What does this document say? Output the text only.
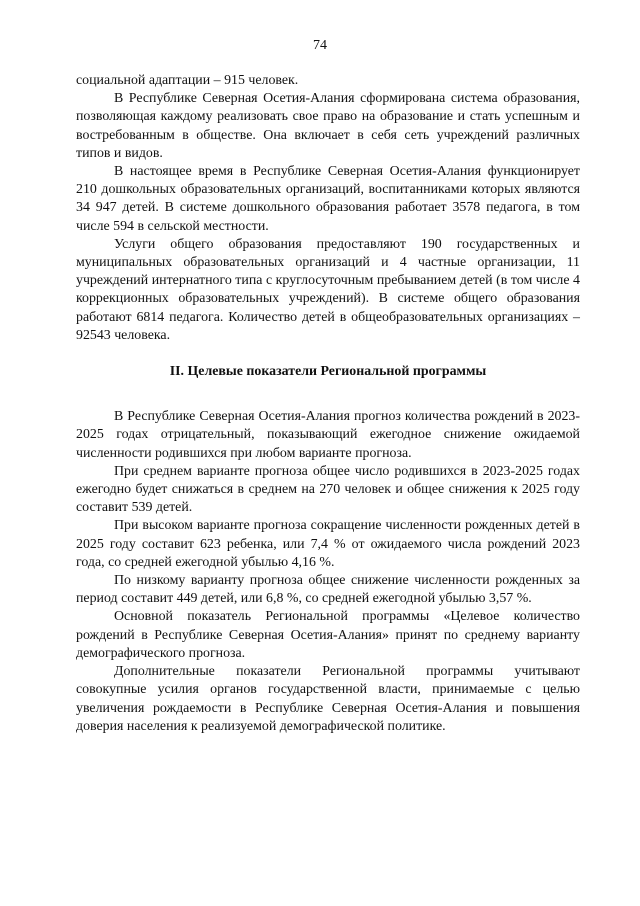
74

социальной адаптации – 915 человек.

В Республике Северная Осетия-Алания сформирована система образования, позволяющая каждому реализовать свое право на образование и стать успешным и востребованным в обществе. Она включает в себя сеть учреждений различных типов и видов.

В настоящее время в Республике Северная Осетия-Алания функционирует 210 дошкольных образовательных организаций, воспитанниками которых являются 34 947 детей. В системе дошкольного образования работает 3578 педагога, в том числе 594 в сельской местности.

Услуги общего образования предоставляют 190 государственных и муниципальных образовательных организаций и 4 частные организации, 11 учреждений интернатного типа с круглосуточным пребыванием детей (в том числе 4 коррекционных образовательных учреждений). В системе общего образования работают 6814 педагога. Количество детей в общеобразовательных организациях – 92543 человека.

II. Целевые показатели Региональной программы

В Республике Северная Осетия-Алания прогноз количества рождений в 2023-2025 годах отрицательный, показывающий ежегодное снижение ожидаемой численности родившихся при любом варианте прогноза.

При среднем варианте прогноза общее число родившихся в 2023-2025 годах ежегодно будет снижаться в среднем на 270 человек и общее снижения к 2025 году составит 539 детей.

При высоком варианте прогноза сокращение численности рожденных детей в 2025 году составит 623 ребенка, или 7,4 % от ожидаемого числа рождений 2023 года, со средней ежегодной убылью 4,16 %.

По низкому варианту прогноза общее снижение численности рожденных за период составит 449 детей, или 6,8 %, со средней ежегодной убылью 3,57 %.

Основной показатель Региональной программы «Целевое количество рождений в Республике Северная Осетия-Алания» принят по среднему варианту демографического прогноза.

Дополнительные показатели Региональной программы учитывают совокупные усилия органов государственной власти, принимаемые с целью увеличения рождаемости в Республике Северная Осетия-Алания и повышения доверия населения к реализуемой демографической политике.
